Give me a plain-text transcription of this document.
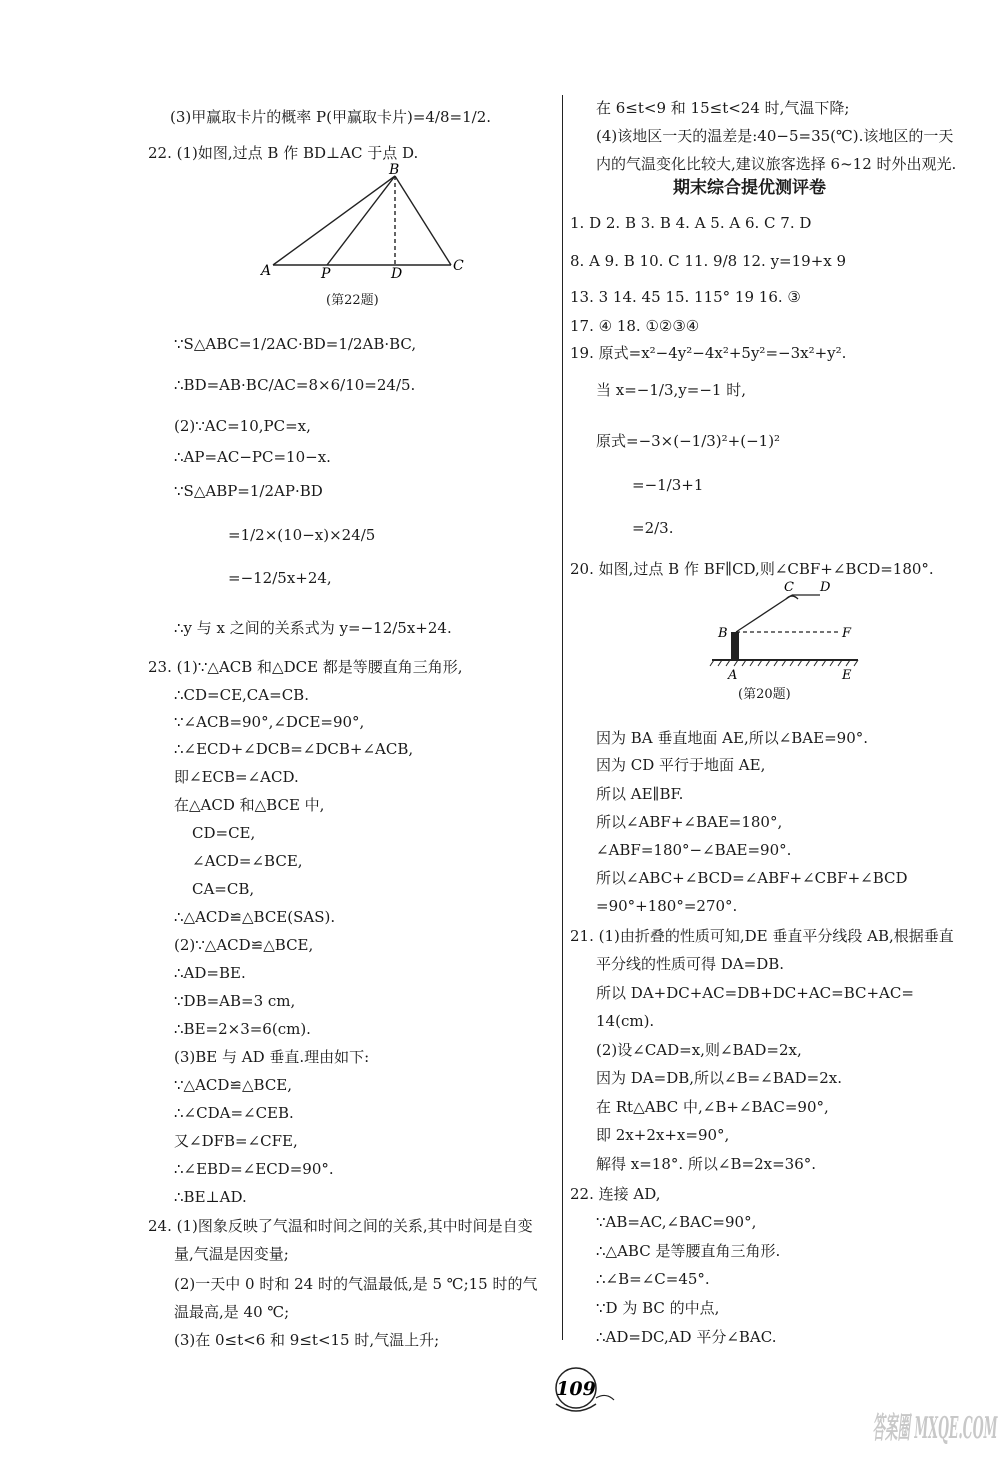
(3)甲赢取卡片的概率 P(甲赢取卡片)=4/8=1/2.
22. (1)如图,过点 B 作 BD⊥AC 于点 D.
∵S△ABC=1/2AC·BD=1/2AB·BC,
∴BD=AB·BC/AC=8×6/10=24/5.
(2)∵AC=10,PC=x,
∴AP=AC−PC=10−x.
∵S△ABP=1/2AP·BD
=1/2×(10−x)×24/5
=−12/5x+24,
∴y 与 x 之间的关系式为 y=−12/5x+24.
23. (1)∵△ACB 和△DCE 都是等腰直角三角形,
∴CD=CE,CA=CB.
∵∠ACB=90°,∠DCE=90°,
∴∠ECD+∠DCB=∠DCB+∠ACB,
即∠ECB=∠ACD.
在△ACD 和△BCE 中,
CD=CE,
∠ACD=∠BCE,
CA=CB,
∴△ACD≌△BCE(SAS).
(2)∵△ACD≌△BCE,
∴AD=BE.
∵DB=AB=3 cm,
∴BE=2×3=6(cm).
(3)BE 与 AD 垂直.理由如下:
∵△ACD≌△BCE,
∴∠CDA=∠CEB.
又∠DFB=∠CFE,
∴∠EBD=∠ECD=90°.
∴BE⊥AD.
24. (1)图象反映了气温和时间之间的关系,其中时间是自变
量,气温是因变量;
(2)一天中 0 时和 24 时的气温最低,是 5 ℃;15 时的气
温最高,是 40 ℃;
(3)在 0≤t<6 和 9≤t<15 时,气温上升;
在 6≤t<9 和 15≤t<24 时,气温下降;
(4)该地区一天的温差是:40−5=35(℃).该地区的一天
内的气温变化比较大,建议旅客选择 6~12 时外出观光.
1. D 2. B 3. B 4. A 5. A 6. C 7. D
8. A 9. B 10. C 11. 9/8 12. y=19+x 9
13. 3 14. 45 15. 115° 19 16. ③
17. ④ 18. ①②③④
19. 原式=x²−4y²−4x²+5y²=−3x²+y².
当 x=−1/3,y=−1 时,
原式=−3×(−1/3)²+(−1)²
=−1/3+1
=2/3.
20. 如图,过点 B 作 BF∥CD,则∠CBF+∠BCD=180°.
因为 BA 垂直地面 AE,所以∠BAE=90°.
因为 CD 平行于地面 AE,
所以 AE∥BF.
所以∠ABF+∠BAE=180°,
∠ABF=180°−∠BAE=90°.
所以∠ABC+∠BCD=∠ABF+∠CBF+∠BCD
=90°+180°=270°.
21. (1)由折叠的性质可知,DE 垂直平分线段 AB,根据垂直
平分线的性质可得 DA=DB.
所以 DA+DC+AC=DB+DC+AC=BC+AC=
14(cm).
(2)设∠CAD=x,则∠BAD=2x,
因为 DA=DB,所以∠B=∠BAD=2x.
在 Rt△ABC 中,∠B+∠BAC=90°,
即 2x+2x+x=90°,
解得 x=18°. 所以∠B=2x=36°.
22. 连接 AD,
∵AB=AC,∠BAC=90°,
∴△ABC 是等腰直角三角形.
∴∠B=∠C=45°.
∵D 为 BC 的中点,
∴AD=DC,AD 平分∠BAC.
期末综合提优测评卷
B
A	P	D	C
(第22题)
C D
B	F
A	E
(第20题)
109
答案圈 MXQE.COM
